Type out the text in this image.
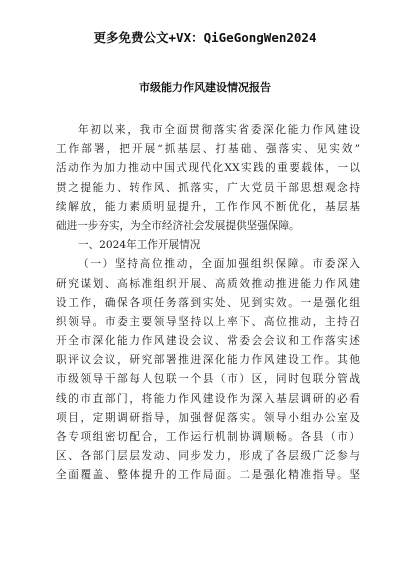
更多免费公文+VX：QiGeGongWen2024
市级能力作风建设情况报告
年初以来，我市全面贯彻落实省委深化能力作风建设
工作部署，把开展“抓基层、打基础、强落实、见实效”
活动作为加力推动中国式现代化XX实践的重要载体，一以
贯之提能力、转作风、抓落实，广大党员干部思想观念持
续解放，能力素质明显提升，工作作风不断优化，基层基
础进一步夯实，为全市经济社会发展提供坚强保障。
一、2024年工作开展情况
（一）坚持高位推动，全面加强组织保障。市委深入
研究谋划、高标准组织开展、高质效推动推进能力作风建
设工作，确保各项任务落到实处、见到实效。一是强化组
织领导。市委主要领导坚持以上率下、高位推动，主持召
开全市深化能力作风建设会议、常委会会议和工作落实述
职评议会议，研究部署推进深化能力作风建设工作。其他
市级领导干部每人包联一个县（市）区，同时包联分管战
线的市直部门，将能力作风建设作为深入基层调研的必看
项目，定期调研指导，加强督促落实。领导小组办公室及
各专项组密切配合，工作运行机制协调顺畅。各县（市）
区、各部门层层发动、同步发力，形成了各层级广泛参与
全面覆盖、整体提升的工作局面。二是强化精准指导。坚
